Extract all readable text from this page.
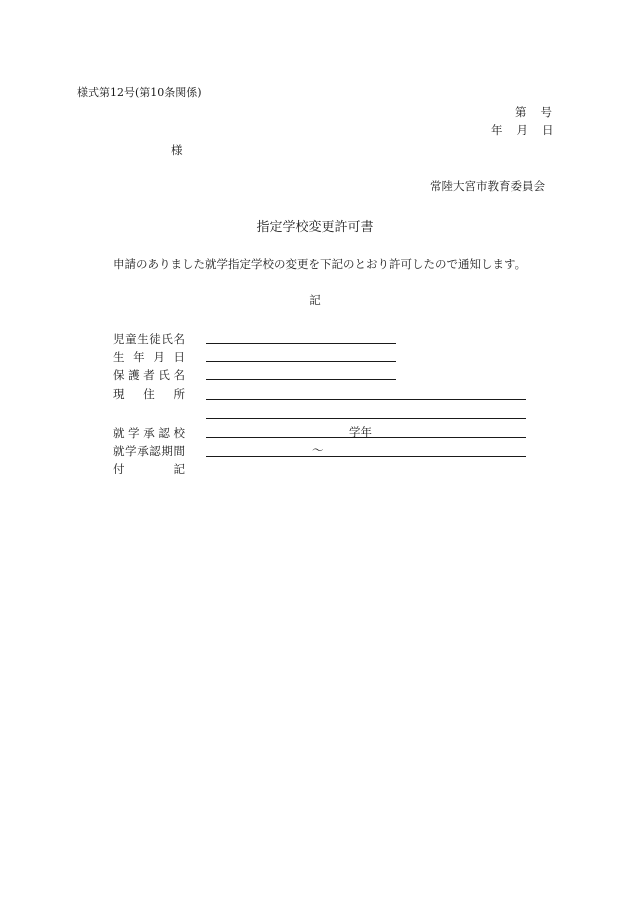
様式第12号(第10条関係)
第 号
年 月 日
様
常陸大宮市教育委員会
指定学校変更許可書
申請のありました就学指定学校の変更を下記のとおり許可したので通知します。
記
児 童 生 徒 氏 名
生 年 月 日
保 護 者 氏 名
現 住 所
就 学 承 認 校	学年
就 学 承 認 期 間	～
付	記
